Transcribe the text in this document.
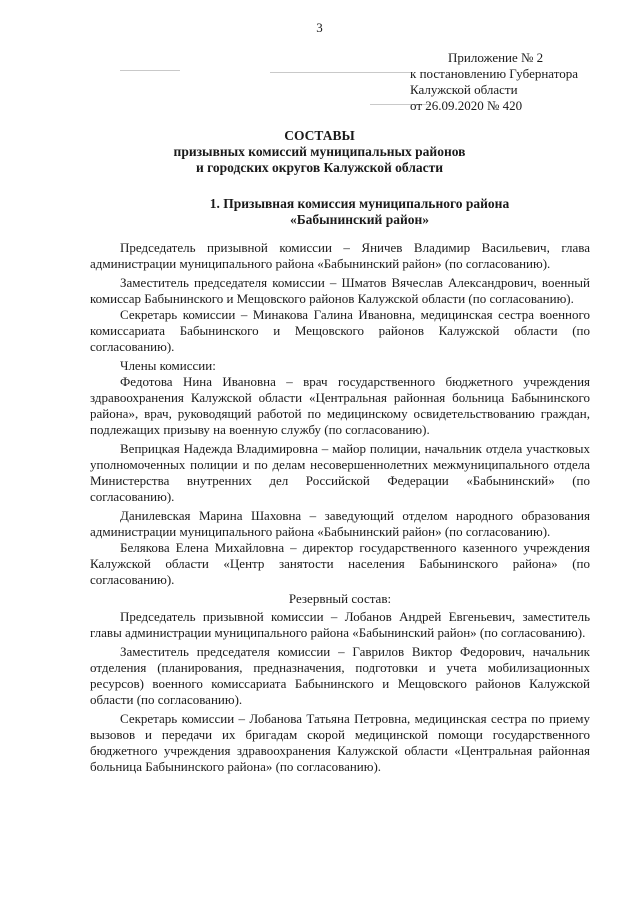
3
Приложение № 2
к постановлению Губернатора
Калужской области
от 26.09.2020 № 420
СОСТАВЫ
призывных комиссий муниципальных районов
и городских округов Калужской области
1. Призывная комиссия муниципального района
«Бабынинский район»

Председатель призывной комиссии – Яничев Владимир Васильевич, глава администрации муниципального района «Бабынинский район» (по согласованию).

Заместитель председателя комиссии – Шматов Вячеслав Александрович, военный комиссар Бабынинского и Мещовского районов Калужской области (по согласованию).

Секретарь комиссии – Минакова Галина Ивановна, медицинская сестра военного комиссариата Бабынинского и Мещовского районов Калужской области (по согласованию).

Члены комиссии:

Федотова Нина Ивановна – врач государственного бюджетного учреждения здравоохранения Калужской области «Центральная районная больница Бабынинского района», врач, руководящий работой по медицинскому освидетельствованию граждан, подлежащих призыву на военную службу (по согласованию).

Веприцкая Надежда Владимировна – майор полиции, начальник отдела участковых уполномоченных полиции и по делам несовершеннолетних межмуниципального отдела Министерства внутренних дел Российской Федерации «Бабынинский» (по согласованию).

Данилевская Марина Шаховна – заведующий отделом народного образования администрации муниципального района «Бабынинский район» (по согласованию).

Белякова Елена Михайловна – директор государственного казенного учреждения Калужской области «Центр занятости населения Бабынинского района» (по согласованию).

Резервный состав:

Председатель призывной комиссии – Лобанов Андрей Евгеньевич, заместитель главы администрации муниципального района «Бабынинский район» (по согласованию).

Заместитель председателя комиссии – Гаврилов Виктор Федорович, начальник отделения (планирования, предназначения, подготовки и учета мобилизационных ресурсов) военного комиссариата Бабынинского и Мещовского районов Калужской области (по согласованию).

Секретарь комиссии – Лобанова Татьяна Петровна, медицинская сестра по приему вызовов и передачи их бригадам скорой медицинской помощи государственного бюджетного учреждения здравоохранения Калужской области «Центральная районная больница Бабынинского района» (по согласованию).
